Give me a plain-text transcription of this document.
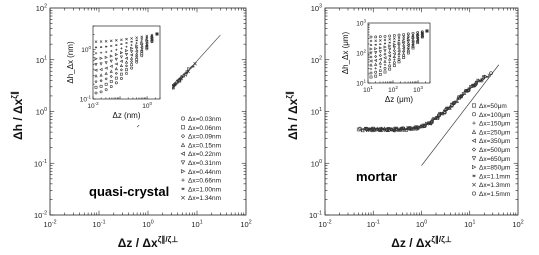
$10^{-2}$	$10^{-1}$	$10^0$	$10^1$	$10^2$
$10^{-2}$
$10^{-1}$
$10^0$
$10^1$
$10^2$
Δz / $\Delta x^{\zeta\parallel/\zeta\perp}$
Δh / $\Delta x^{\zeta\parallel}$
Δx=0.03nm
Δx=0.06nm
Δx=0.09nm
Δx=0.15nm
Δx=0.22nm
Δx=0.31nm
Δx=0.44nm
Δx=0.66nm
Δx=1.00nm
Δx=1.34nm
quasi-crystal
$10^{-2}$	$10^0$
$10^{-1}$
$10^0$
Δz (nm)
Δh_Δx (nm)
$10^{-2}$	$10^{-1}$	$10^0$	$10^1$	$10^2$
$10^{-1}$
$10^0$
$10^1$
$10^2$
$10^3$
Δz / $\Delta x^{\zeta\parallel/\zeta\perp}$
Δh / $\Delta x^{\zeta\parallel}$
Δx=50μm
Δx=100μm
Δx=150μm
Δx=250μm
Δx=350μm
Δx=500μm
Δx=650μm
Δx=850μm
Δx=1.1mm
Δx=1.3mm
Δx=1.5mm
mortar
$10^1$ $10^2$ $10^3$
$10^1$
$10^2$
$10^3$
Δz (μm)
Δh_Δx (μm)
